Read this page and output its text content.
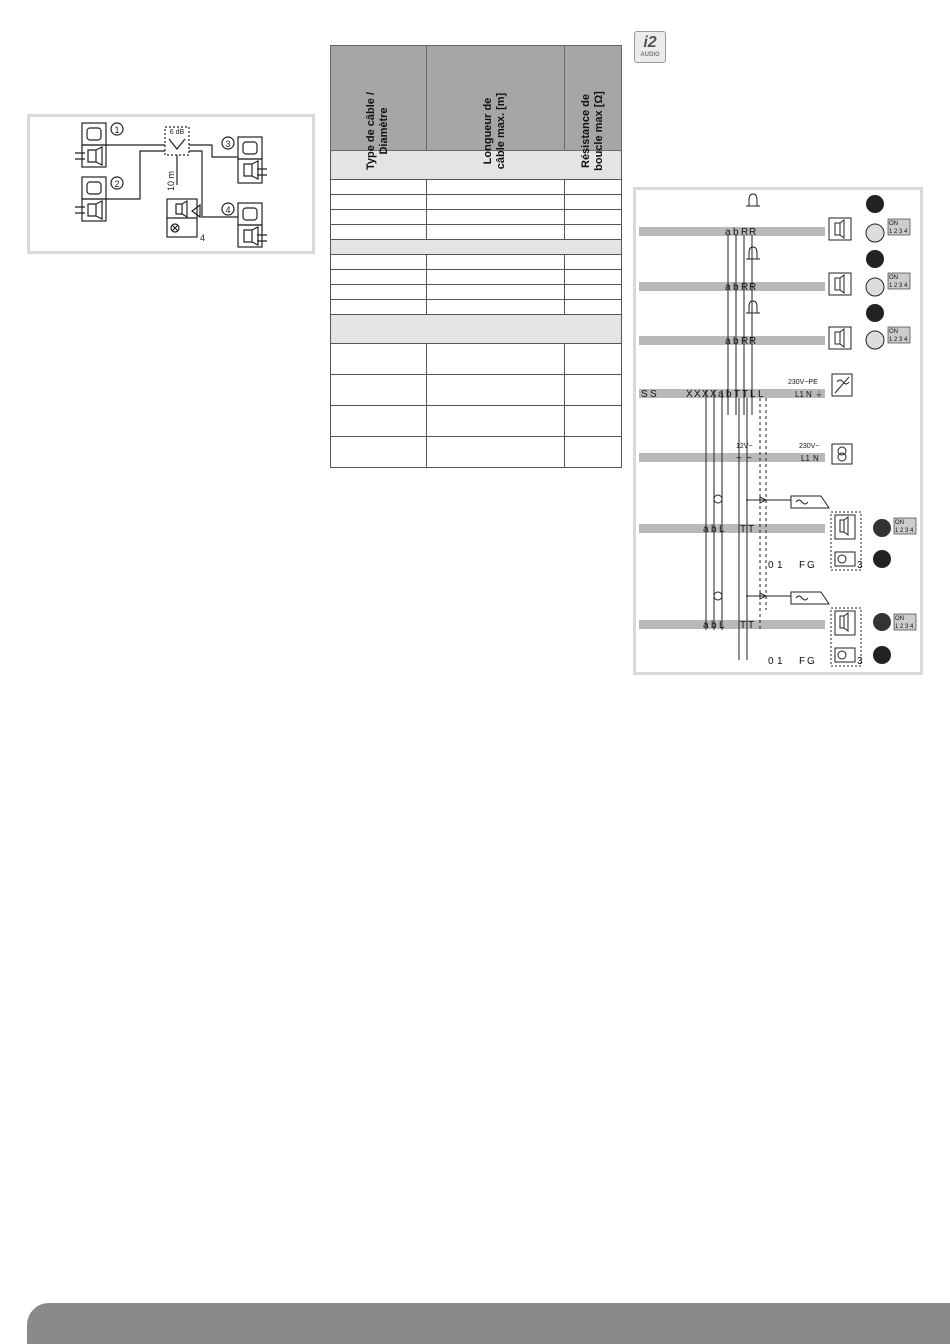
1
2
3
4
6 dB
10 m
4
Type de câble / Diamètre	Longueur de câble max. [m]	Résistance de boucle max [Ω]

i2
AUDIO
a b R R
a b R R
a b R R
S S	X X X X a b T T L L
230V~PE
L1 N ⏚
12V~
~ ~
230V~
L1 N
a b L T T
0 1 F G	3
a b L T T
0 1 F G	3
ON
1 2 3 4
ON
1 2 3 4
ON
1 2 3 4
ON
1 2 3 4
ON
1 2 3 4
